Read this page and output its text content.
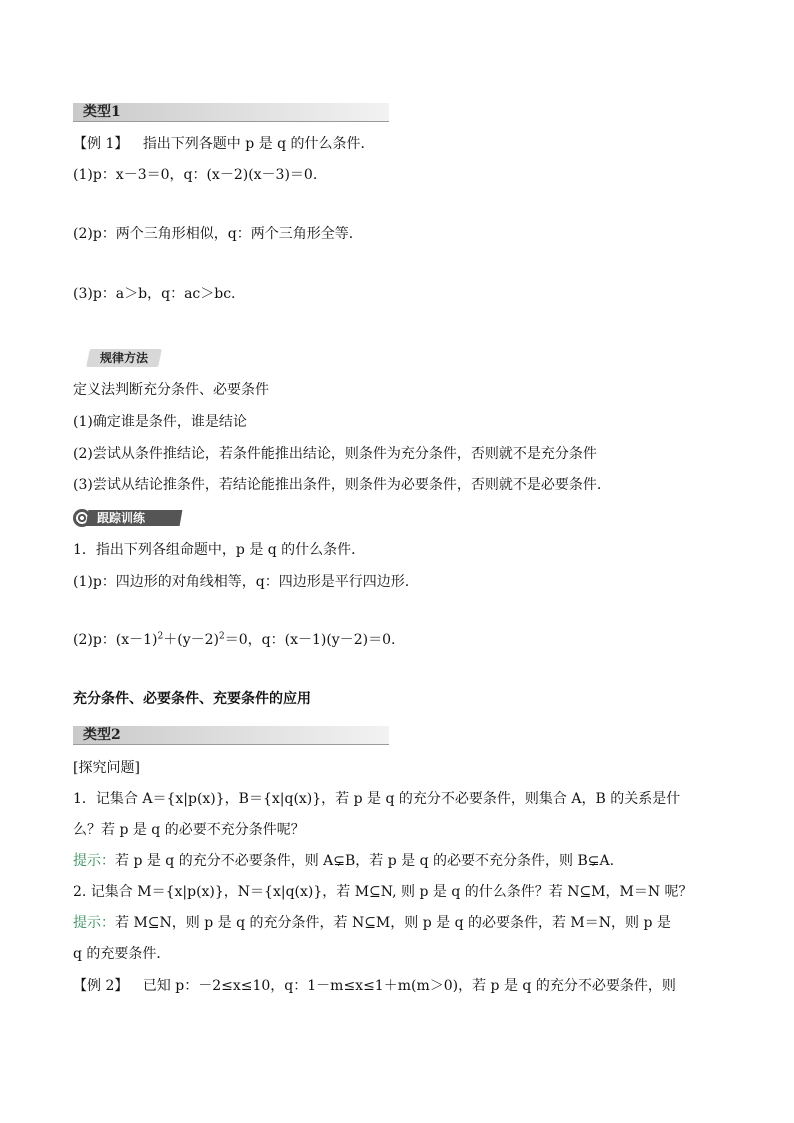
类型1
【例 1】 指出下列各题中 p 是 q 的什么条件．
(1)p：x－3＝0，q：(x－2)(x－3)＝0.
(2)p：两个三角形相似，q：两个三角形全等．
(3)p：a＞b，q：ac＞bc.
规律方法
定义法判断充分条件、必要条件
(1)确定谁是条件，谁是结论
(2)尝试从条件推结论，若条件能推出结论，则条件为充分条件，否则就不是充分条件
(3)尝试从结论推条件，若结论能推出条件，则条件为必要条件，否则就不是必要条件.
跟踪训练
1．指出下列各组命题中，p 是 q 的什么条件．
(1)p：四边形的对角线相等，q：四边形是平行四边形.
(2)p：$(x-1)^2+(y-2)^2=0$，q：(x－1)(y－2)＝0.
充分条件、必要条件、充要条件的应用
类型2
[探究问题]
1．记集合 A＝{x|p(x)}，B＝{x|q(x)}，若 p 是 q 的充分不必要条件，则集合 A，B 的关系是什
么？若 p 是 q 的必要不充分条件呢？
提示：若 p 是 q 的充分不必要条件，则 A⊊B，若 p 是 q 的必要不充分条件，则 B⊊A.
2. 记集合 M＝{x|p(x)}，N＝{x|q(x)}，若 M⊆N, 则 p 是 q 的什么条件？若 N⊆M，M＝N 呢？
提示：若 M⊆N，则 p 是 q 的充分条件，若 N⊆M，则 p 是 q 的必要条件，若 M＝N，则 p 是
q 的充要条件．
【例 2】 已知 p：－2≤x≤10，q：1－m≤x≤1＋m(m＞0)，若 p 是 q 的充分不必要条件，则
